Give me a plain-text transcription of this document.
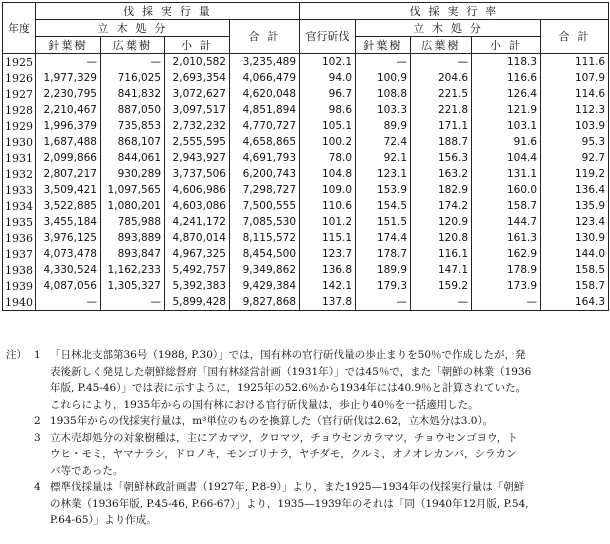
年度	伐 採 実 行 量				伐 採 実 行 率				
	立 木 処 分			合 計	官行斫伐	立 木 処 分			合 計
	針葉樹	広葉樹	小 計			針葉樹	広葉樹	小 計	
1925	—	—	2,010,582	3,235,489	102.1	—	—	118.3	111.6
1926	1,977,329	716,025	2,693,354	4,066,479	94.0	100.9	204.6	116.6	107.9
1927	2,230,795	841,832	3,072,627	4,620,048	96.7	108.8	221.5	126.4	114.6
1928	2,210,467	887,050	3,097,517	4,851,894	98.6	103.3	221.8	121.9	112.3
1929	1,996,379	735,853	2,732,232	4,770,727	105.1	89.9	171.1	103.1	103.9
1930	1,687,488	868,107	2,555,595	4,658,865	100.2	72.4	188.7	91.6	95.3
1931	2,099,866	844,061	2,943,927	4,691,793	78.0	92.1	156.3	104.4	92.7
1932	2,807,217	930,289	3,737,506	6,200,743	104.8	123.1	163.2	131.1	119.2
1933	3,509,421	1,097,565	4,606,986	7,298,727	109.0	153.9	182.9	160.0	136.4
1934	3,522,885	1,080,201	4,603,086	7,500,555	110.6	154.5	174.2	158.7	135.9
1935	3,455,184	785,988	4,241,172	7,085,530	101.2	151.5	120.9	144.7	123.4
1936	3,976,125	893,889	4,870,014	8,115,572	115.1	174.4	120.8	161.3	130.9
1937	4,073,478	893,847	4,967,325	8,454,500	123.7	178.7	116.1	162.9	144.0
1938	4,330,524	1,162,233	5,492,757	9,349,862	136.8	189.9	147.1	178.9	158.5
1939	4,087,056	1,305,327	5,392,383	9,429,384	142.1	179.3	159.2	173.9	158.7
1940	—	—	5,899,428	9,827,868	137.8	—	—	—	164.3
注） 1 「日林北支部第36号（1988, P.30）」では，国有林の官行斫伐量の歩止まりを50％で作成したが，発
表後新しく発見した朝鮮総督府「国有林経営計画（1931年）」では45％で，また「朝鮮の林業（1936
年版, P.45-46）」では表に示すように，1925年の52.6％から1934年には40.9％と計算されていた。
これらにより，1935年からの国有林における官行斫伐量は，歩止り40％を一括適用した。
2 1935年からの伐採実行量は，m³単位のものを換算した（官行斫伐は2.62，立木処分は3.0）。
3 立木売却処分の対象樹種は，主にアカマツ，クロマツ，チョウセンカラマツ，チョウセンゴヨウ，ト
ウヒ・モミ，ヤマナラシ，ドロノキ，モンゴリナラ，ヤチダモ，クルミ，オノオレカンバ，シラカン
バ等であった。
4 標準伐採量は「朝鮮林政計画書（1927年, P.8-9）」より，また1925—1934年の伐採実行量は「朝鮮
の林業（1936年版, P.45-46, P.66-67）」より，1935—1939年のそれは「同（1940年12月版, P.54,
P.64-65）」より作成。
